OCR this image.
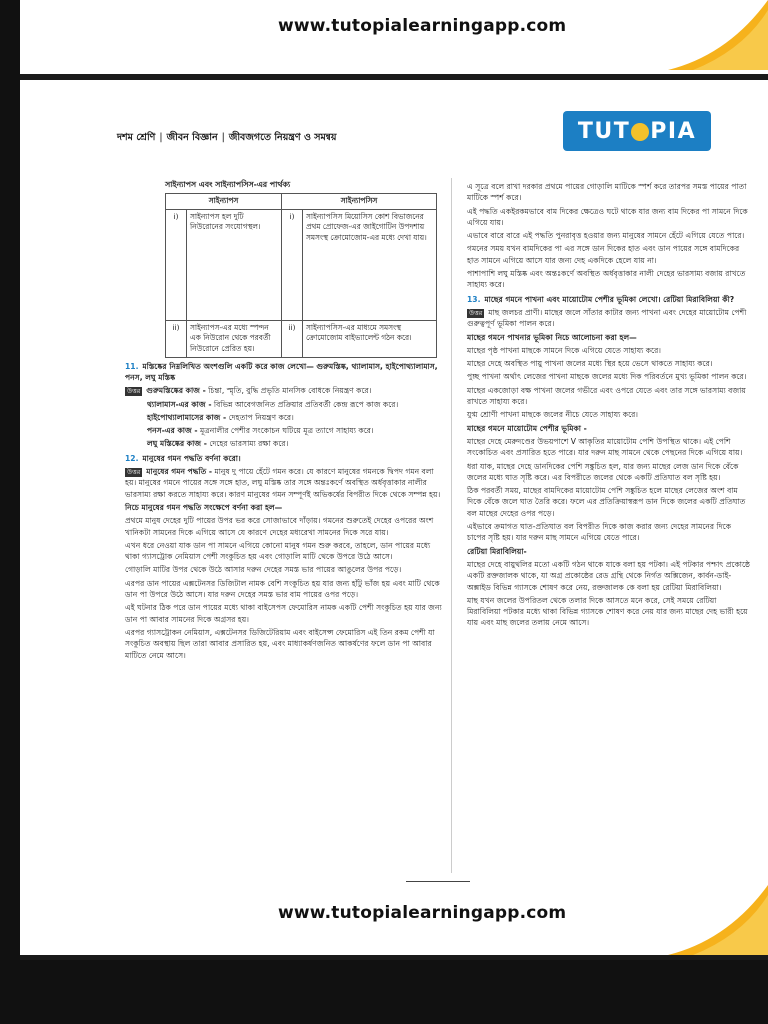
www.tutopialearningapp.com
দশম শ্রেণি | জীবন বিজ্ঞান | জীবজগতে নিয়ন্ত্রণ ও সমন্বয়	TUT PIA
সাইন্যাপস এবং সাইন্যাপসিস-এর পার্থক্য
সাইন্যাপস		সাইন্যাপসিস	
i)	সাইন্যাপস হল দুটি নিউরোনের সংযোগস্থল।	i)	সাইন্যাপসিস মিয়োসিস কোশ বিভাজনের প্রথম প্রোফেজ-এর জাইগোটিন উপদশায় সমসংস্থ ক্রোমোজোম-এর মধ্যে দেখা যায়।
ii)	সাইন্যাপস-এর মধ্যে স্পন্দন এক নিউরোন থেকে পরবর্তী নিউরোনে প্রেরিত হয়।	ii)	সাইন্যাপসিস-এর মাধ্যমে সমসংস্থ ক্রোমোজোম বাইভ্যালেন্ট গঠন করে।
11. মস্তিষ্কের নিম্নলিখিত অংশগুলি একটি করে কাজ লেখো— গুরুমস্তিষ্ক, থ্যালামাস, হাইপোথ্যালামাস, পনস, লঘু মস্তিষ্ক
উত্তর গুরুমস্তিষ্কের কাজ - চিন্তা, স্মৃতি, বুদ্ধি প্রভৃতি মানসিক বোধকে নিয়ন্ত্রণ করে।
থ্যালামাস-এর কাজ - বিভিন্ন আবেগজনিত প্রক্রিয়ার প্রতিবর্তী কেন্দ্র রূপে কাজ করে।
হাইপোথ্যালামাসের কাজ - দেহতাপ নিয়ন্ত্রণ করে।
পনস-এর কাজ - মূত্রনালীর পেশীর সংকোচন ঘটিয়ে মূত্র ত্যাগে সাহায্য করে।
লঘু মস্তিষ্কের কাজ - দেহের ভারসাম্য রক্ষা করে।
12. মানুষের গমন পদ্ধতি বর্ণনা করো।
উত্তর মানুষের গমন পদ্ধতি - মানুষ দু পায়ে হেঁটে গমন করে। যে কারণে মানুষের গমনকে দ্বিপদ গমন বলা হয়। মানুষের গমনে পায়ের সঙ্গে সঙ্গে হাত, লঘু মস্তিষ্ক তার সঙ্গে অন্তঃকর্ণে অবস্থিত অর্ধবৃত্তাকার নালীর ভারসাম্য রক্ষা করতে সাহায্য করে। কারণ মানুষের গমন সম্পূর্ণই অভিকর্ষের বিপরীত দিকে থেকে সম্পন্ন হয়।
নিচে মানুষের গমন পদ্ধতি সংক্ষেপে বর্ণনা করা হল—
প্রথমে মানুষ দেহের দুটি পায়ের উপর ভর করে সোজাভাবে দাঁড়ায়। গমনের শুরুতেই দেহের ওপরের অংশ খানিকটা সামনের দিকে এগিয়ে আসে যে কারণে দেহের মধ্যরেখা সামনের দিকে সরে যায়।
এখন ধরে নেওয়া যাক ডান পা সামনে এগিয়ে কোনো মানুষ গমন শুরু করবে, তাহলে, ডান পায়ের মধ্যে থাকা গ্যাসট্রোক নেমিয়াস পেশী সংকুচিত হয় এবং গোড়ালি মাটি থেকে উপরে উঠে আসে।
গোড়ালি মাটির উপর থেকে উঠে আসার দরুন দেহের সমস্ত ভার পায়ের আঙুলের উপর পড়ে।
এরপর ডান পায়ের এক্সটেনসর ডিজিটাল নামক বেশি সংকুচিত হয় যার জন্য হাঁটু ভাঁজ হয় এবং মাটি থেকে ডান পা উপরে উঠে আসে। যার দরুন দেহের সমস্ত ভার বাম পায়ের ওপর পড়ে।
এই ঘটনার ঠিক পরে ডান পায়ের মধ্যে থাকা বাইসেপস ফেমোরিস নামক একটি পেশী সংকুচিত হয় যার জন্য ডান পা আবার সামনের দিকে অগ্রসর হয়।
এরপর গ্যাসট্রোকন নেমিয়াস, এক্সটেনসর ডিজিটেরিয়াম এবং বাইসেপ্স ফেমোরিস এই তিন রকম পেশী যা সংকুচিত অবস্থায় ছিল তারা আবার প্রসারিত হয়, এবং মাধ্যাকর্ষণজনিত আকর্ষণের ফলে ডান পা আবার মাটিতে নেমে আসে।
এ সূত্রে বলে রাখা দরকার প্রথমে পায়ের গোড়ালি মাটিকে স্পর্শ করে তারপর সমস্ত পায়ের পাতা মাটিকে স্পর্শ করে।
এই পদ্ধতি একইরকমভাবে বাম দিকের ক্ষেত্রেও ঘটে থাকে যার জন্য বাম দিকের পা সামনে দিকে এগিয়ে যায়।
এভাবে বারে বারে এই পদ্ধতি পুনরাবৃত্ত হওয়ার জন্য মানুষের সামনে হেঁটে এগিয়ে যেতে পারে।
গমনের সময় যখন বামদিকের পা এর সঙ্গে ডান দিকের হাত এবং ডান পায়ের সঙ্গে বামদিকের হাত সামনে এগিয়ে আসে যার জন্য দেহ একদিকে হেলে যায় না।
পাশাপাশি লঘু মস্তিষ্ক এবং অন্তঃকর্ণে অবস্থিত অর্ধবৃত্তাকার নালী দেহের ভারসাম্য বজায় রাখতে সাহায্য করে।
13. মাছের গমনে পাখনা এবং মায়োটোম পেশীর ভূমিকা লেখো। রেটিয়া মিরাবিলিয়া কী?
উত্তর মাছ জলচর প্রাণী। মাছের জলে সাঁতার কাটার জন্য পাখনা এবং দেহের মায়োটোম পেশী গুরুত্বপূর্ণ ভূমিকা পালন করে।
মাছের গমনে পাখনার ভূমিকা নিচে আলোচনা করা হল—
মাছের পৃষ্ঠ পাখনা মাছকে সামনে দিকে এগিয়ে যেতে সাহায্য করে।
মাছের দেহে অবস্থিত পায়ু পাখনা জলের মধ্যে স্থির হয়ে ভেসে থাকতে সাহায্য করে।
পুচ্ছ পাখনা অর্থাৎ লেজের পাখনা মাছকে জলের মধ্যে দিক পরিবর্তনে মুখ্য ভূমিকা পালন করে।
মাছের একজোড়া বক্ষ পাখনা জলের গভীরে এবং ওপরে যেতে এবং তার সঙ্গে ভারসাম্য বজায় রাখতে সাহায্য করে।
যুগ্ম শ্রোণী পাখনা মাছকে জলের নীচে যেতে সাহায্য করে।
মাছের গমনে মায়োটোম পেশীর ভূমিকা -
মাছের দেহে মেরুদণ্ডের উভয়পাশে V আকৃতির মায়োটোম পেশি উপস্থিত থাকে। এই পেশি সংকোচিত এবং প্রসারিত হতে পারে। যার দরুন মাছ সামনে থেকে পেছনের দিকে এগিয়ে যায়।
ধরা যাক, মাছের দেহে ডানদিকের পেশি সঙ্কুচিত হল, যার জন্য মাছের লেজ ডান দিকে বেঁকে জলের মধ্যে ঘাত সৃষ্টি করে। এর বিপরীতে জলের থেকে একটি প্রতিঘাত বল সৃষ্টি হয়।
ঠিক পরবর্তী সময়, মাছের বামদিকের মায়োটোম পেশি সঙ্কুচিত হলে মাছের লেজের অংশ বাম দিকে বেঁকে জলে ঘাত তৈরি করে। ফলে এর প্রতিক্রিয়াস্বরূপ ডান দিকে জলের একটি প্রতিঘাত বল মাছের দেহের ওপর পড়ে।
এইভাবে ক্রমাগত ঘাত-প্রতিঘাত বল বিপরীত দিকে কাজ করার জন্য দেহের সামনের দিকে চাপের সৃষ্টি হয়। যার দরুন মাছ সামনে এগিয়ে যেতে পারে।
রেটিয়া মিরাবিলিয়া-
মাছের দেহে বায়ুথলির মতো একটি গঠন থাকে যাকে বলা হয় পটকা। এই পটকার পশ্চাৎ প্রকোষ্ঠে একটি রক্তজালক থাকে, যা অগ্র প্রকোষ্ঠের রেড গ্রন্থি থেকে নির্গত অক্সিজেন, কার্বন-ডাই-অক্সাইড বিভিন্ন গ্যাসকে শোষণ করে নেয়, রক্তজালক কে বলা হয় রেটিয়া মিরাবিলিয়া।
মাছ যখন জলের উপরিতল থেকে তলার দিকে আসতে মনে করে, সেই সময়ে রেটিয়া মিরাবিলিয়া পটকার মধ্যে থাকা বিভিন্ন গ্যাসকে শোষণ করে নেয় যার জন্য মাছের দেহ ভারী হয়ে যায় এবং মাছ জলের তলায় নেমে আসে।
www.tutopialearningapp.com
